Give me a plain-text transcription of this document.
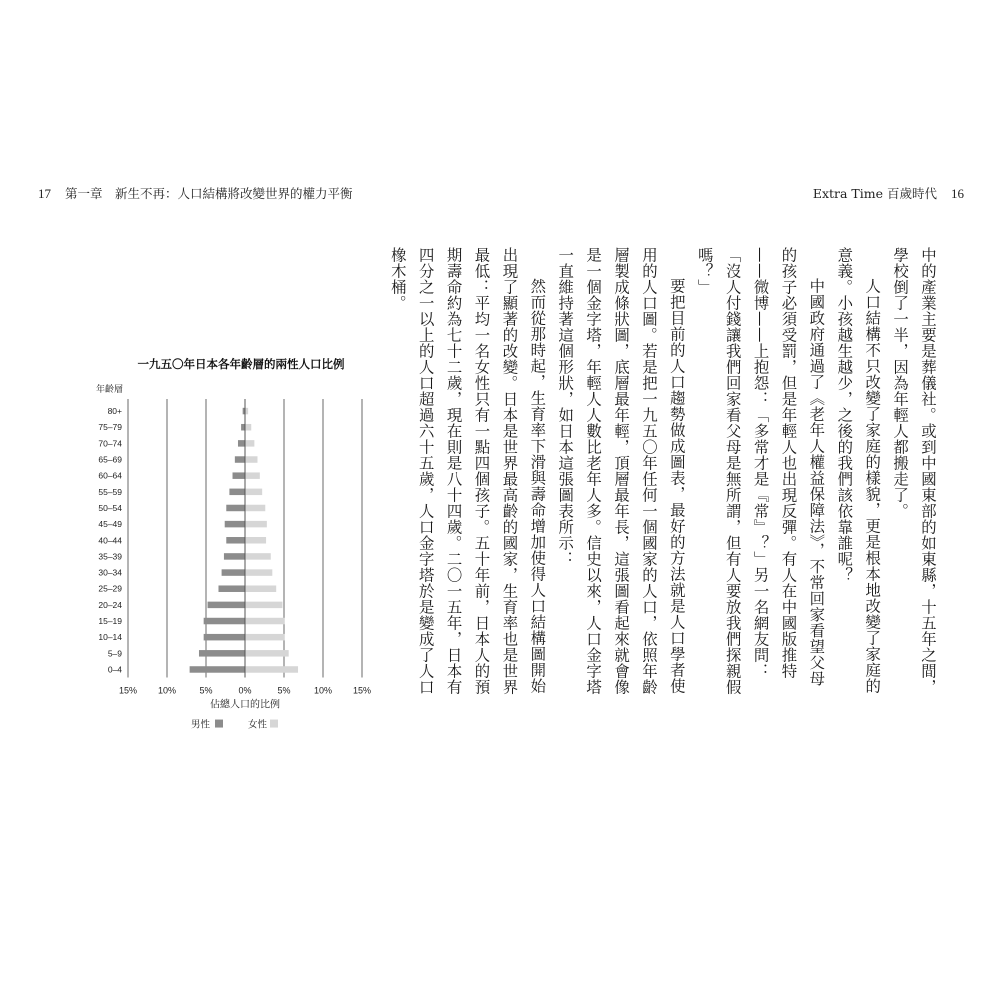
17 第一章　新生不再：人口結構將改變世界的權力平衡	Extra Time 百歲時代 16
一九五〇年日本各年齡層的兩性人口比例
年齡層
80+
75–79
70–74
65–69
60–64
55–59
50–54
45–49
40–44
35–39
30–34
25–29
20–24
15–19
10–14
5–9
0–4
15% 10%	5%	0%	5%	10% 15%
佔總人口的比例
男性	女性

中的產業主要是葬儀社。或到中國東部的如東縣，十五年之間，學校倒了一半，因為年輕人都搬走了。

人口結構不只改變了家庭的樣貌，更是根本地改變了家庭的意義。小孩越生越少，之後的我們該依靠誰呢？

中國政府通過了《老年人權益保障法》，不常回家看望父母的孩子必須受罰，但是年輕人也出現反彈。有人在中國版推特——微博——上抱怨：「多常才是『常』？」另一名網友問：「沒人付錢讓我們回家看父母是無所謂，但有人要放我們探親假嗎？」

要把目前的人口趨勢做成圖表，最好的方法就是人口學者使用的人口圖。若是把一九五〇年任何一個國家的人口，依照年齡層製成條狀圖，底層最年輕，頂層最年長，這張圖看起來就會像是一個金字塔，年輕人人數比老年人多。信史以來，人口金字塔一直維持著這個形狀，如日本這張圖表所示：

然而從那時起，生育率下滑與壽命增加使得人口結構圖開始出現了顯著的改變。日本是世界最高齡的國家，生育率也是世界最低：平均一名女性只有一點四個孩子。五十年前，日本人的預期壽命約為七十二歲，現在則是八十四歲。二〇一五年，日本有四分之一以上的人口超過六十五歲，人口金字塔於是變成了人口橡木桶。
